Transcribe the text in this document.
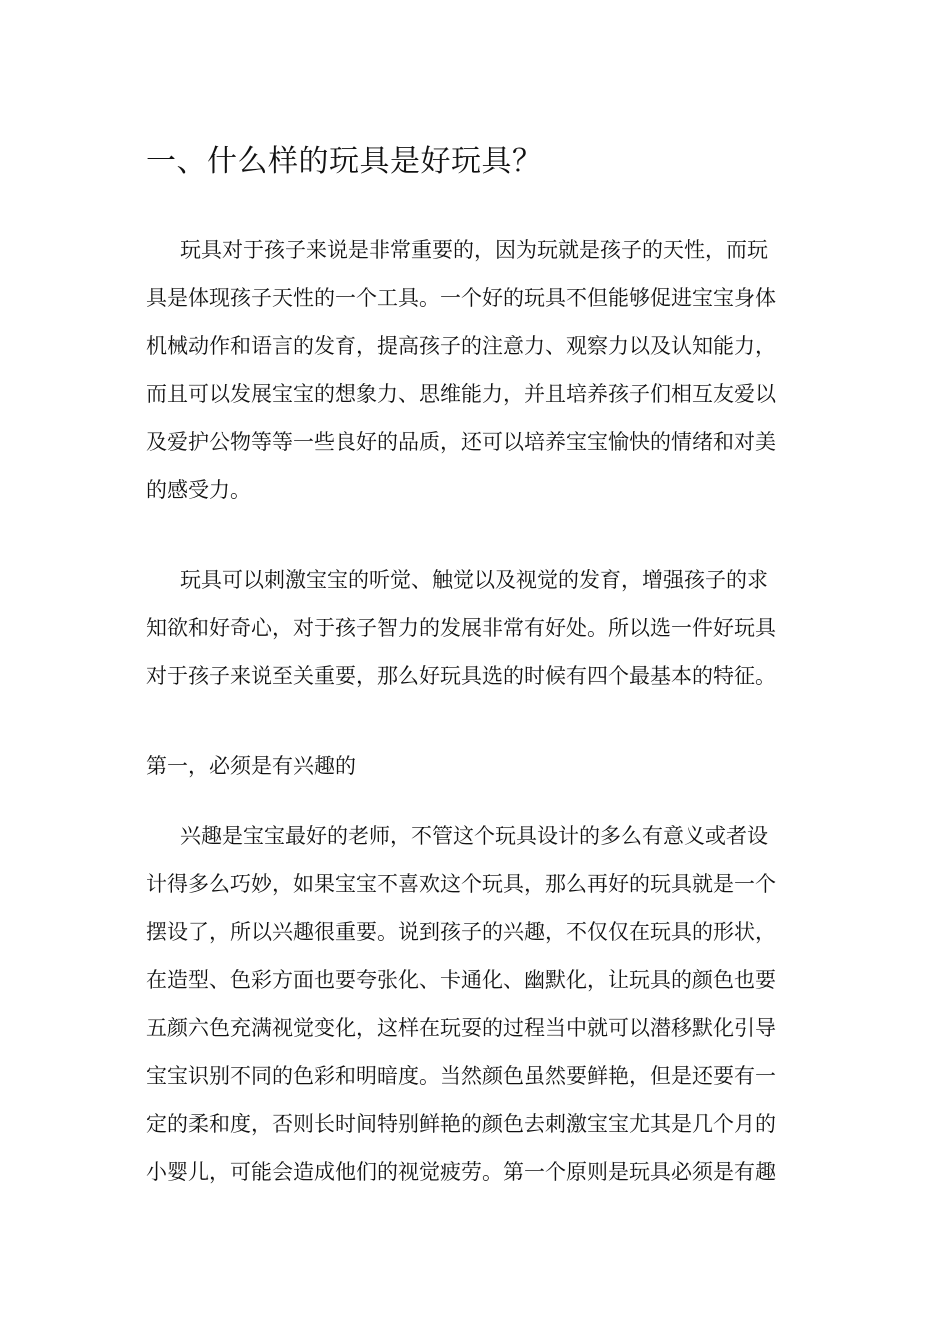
一、什么样的玩具是好玩具？
玩具对于孩子来说是非常重要的，因为玩就是孩子的天性，而玩
具是体现孩子天性的一个工具。一个好的玩具不但能够促进宝宝身体
机械动作和语言的发育，提高孩子的注意力、观察力以及认知能力，
而且可以发展宝宝的想象力、思维能力，并且培养孩子们相互友爱以
及爱护公物等等一些良好的品质，还可以培养宝宝愉快的情绪和对美
的感受力。
玩具可以刺激宝宝的听觉、触觉以及视觉的发育，增强孩子的求
知欲和好奇心，对于孩子智力的发展非常有好处。所以选一件好玩具
对于孩子来说至关重要，那么好玩具选的时候有四个最基本的特征。
第一，必须是有兴趣的
兴趣是宝宝最好的老师，不管这个玩具设计的多么有意义或者设
计得多么巧妙，如果宝宝不喜欢这个玩具，那么再好的玩具就是一个
摆设了，所以兴趣很重要。说到孩子的兴趣，不仅仅在玩具的形状，
在造型、色彩方面也要夸张化、卡通化、幽默化，让玩具的颜色也要
五颜六色充满视觉变化，这样在玩耍的过程当中就可以潜移默化引导
宝宝识别不同的色彩和明暗度。当然颜色虽然要鲜艳，但是还要有一
定的柔和度，否则长时间特别鲜艳的颜色去刺激宝宝尤其是几个月的
小婴儿，可能会造成他们的视觉疲劳。第一个原则是玩具必须是有趣
